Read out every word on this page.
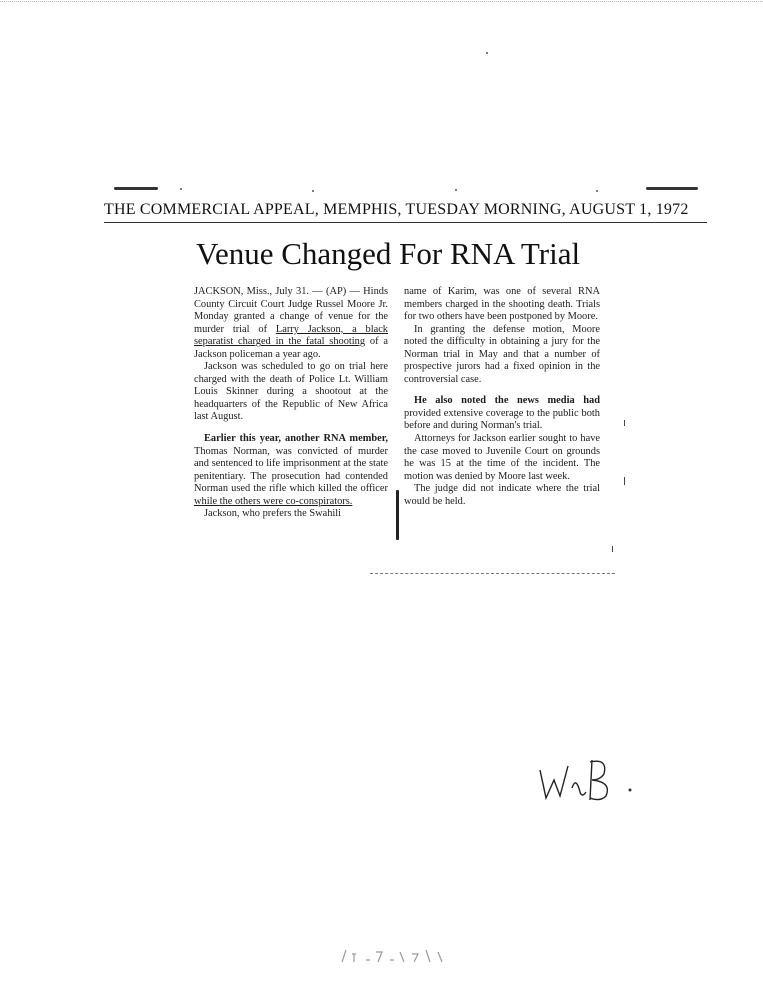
THE COMMERCIAL APPEAL, MEMPHIS, TUESDAY MORNING, AUGUST 1, 1972
Venue Changed For RNA Trial

JACKSON, Miss., July 31. — (AP) — Hinds County Circuit Court Judge Russel Moore Jr. Monday granted a change of venue for the murder trial of Larry Jackson, a black separatist charged in the fatal shooting of a Jackson policeman a year ago.

Jackson was scheduled to go on trial here charged with the death of Police Lt. William Louis Skinner during a shootout at the headquarters of the Republic of New Africa last August.

Earlier this year, another RNA member, Thomas Norman, was convicted of murder and sentenced to life imprisonment at the state penitentiary. The prosecution had contended Norman used the rifle which killed the officer while the others were co-conspirators.

Jackson, who prefers the Swahili

name of Karim, was one of several RNA members charged in the shooting death. Trials for two others have been postponed by Moore.

In granting the defense motion, Moore noted the difficulty in obtaining a jury for the Norman trial in May and that a number of prospective jurors had a fixed opinion in the controversial case.

He also noted the news media had provided extensive coverage to the public both before and during Norman's trial.

Attorneys for Jackson earlier sought to have the case moved to Juvenile Court on grounds he was 15 at the time of the incident. The motion was denied by Moore last week.

The judge did not indicate where the trial would be held.
